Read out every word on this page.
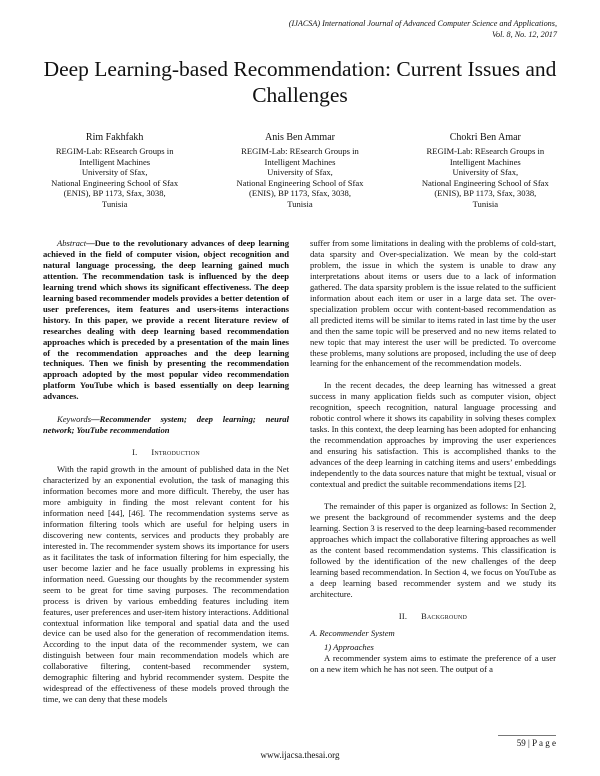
(IJACSA) International Journal of Advanced Computer Science and Applications,
Vol. 8, No. 12, 2017
Deep Learning-based Recommendation: Current Issues and Challenges
Rim Fakhfakh
REGIM-Lab: REsearch Groups in
Intelligent Machines
University of Sfax,
National Engineering School of Sfax
(ENIS), BP 1173, Sfax, 3038,
Tunisia
Anis Ben Ammar
REGIM-Lab: REsearch Groups in
Intelligent Machines
University of Sfax,
National Engineering School of Sfax
(ENIS), BP 1173, Sfax, 3038,
Tunisia
Chokri Ben Amar
REGIM-Lab: REsearch Groups in
Intelligent Machines
University of Sfax,
National Engineering School of Sfax
(ENIS), BP 1173, Sfax, 3038,
Tunisia

Abstract—Due to the revolutionary advances of deep learning achieved in the field of computer vision, object recognition and natural language processing, the deep learning gained much attention. The recommendation task is influenced by the deep learning trend which shows its significant effectiveness. The deep learning based recommender models provides a better detention of user preferences, item features and users-items interactions history. In this paper, we provide a recent literature review of researches dealing with deep learning based recommendation approaches which is preceded by a presentation of the main lines of the recommendation approaches and the deep learning techniques. Then we finish by presenting the recommendation approach adopted by the most popular video recommendation platform YouTube which is based essentially on deep learning advances.

Keywords—Recommender system; deep learning; neural network; YouTube recommendation

I. Introduction

With the rapid growth in the amount of published data in the Net characterized by an exponential evolution, the task of managing this information becomes more and more difficult. Thereby, the user has more ambiguity in finding the most relevant content for his information need [44], [46]. The recommendation systems serve as information filtering tools which are useful for helping users in discovering new contents, services and products they probably are interested in. The recommender system shows its importance for users as it facilitates the task of information filtering for him especially, the user become lazier and he face usually problems in expressing his information need. Guessing our thoughts by the recommender system seem to be great for time saving purposes. The recommendation process is driven by various embedding features including item features, user preferences and user-item history interactions. Additional contextual information like temporal and spatial data and the used device can be used also for the generation of recommendation items. According to the input data of the recommender system, we can distinguish between four main recommendation models which are collaborative filtering, content-based recommender system, demographic filtering and hybrid recommender system. Despite the widespread of the effectiveness of these models proved through the time, we can deny that these models

suffer from some limitations in dealing with the problems of cold-start, data sparsity and Over-specialization. We mean by the cold-start problem, the issue in which the system is unable to draw any interpretations about items or users due to a lack of information gathered. The data sparsity problem is the issue related to the sufficient information about each item or user in a large data set. The over-specialization problem occur with content-based recommendation as all predicted items will be similar to items rated in last time by the user and then the same topic will be preserved and no new items related to new topic that may interest the user will be predicted. To overcome these problems, many solutions are proposed, including the use of deep learning for the enhancement of the recommendation models.

In the recent decades, the deep learning has witnessed a great success in many application fields such as computer vision, object recognition, speech recognition, natural language processing and robotic control where it shows its capability in solving theses complex tasks. In this context, the deep learning has been adopted for enhancing the recommendation approaches by improving the user experiences and ensuring his satisfaction. This is accomplished thanks to the advances of the deep learning in catching items and users’ embeddings independently to the data sources nature that might be textual, visual or contextual and predict the suitable recommendations items [2].

The remainder of this paper is organized as follows: In Section 2, we present the background of recommender systems and the deep learning. Section 3 is reserved to the deep learning-based recommender approaches which impact the collaborative filtering approaches as well as the content based recommendation systems. This classification is followed by the identification of the new challenges of the deep learning based recommendation. In Section 4, we focus on YouTube as a deep learning based recommender system and we study its architecture.

II. Background

A. Recommender System

1) Approaches

A recommender system aims to estimate the preference of a user on a new item which he has not seen. The output of a

59 | P a g e
www.ijacsa.thesai.org
